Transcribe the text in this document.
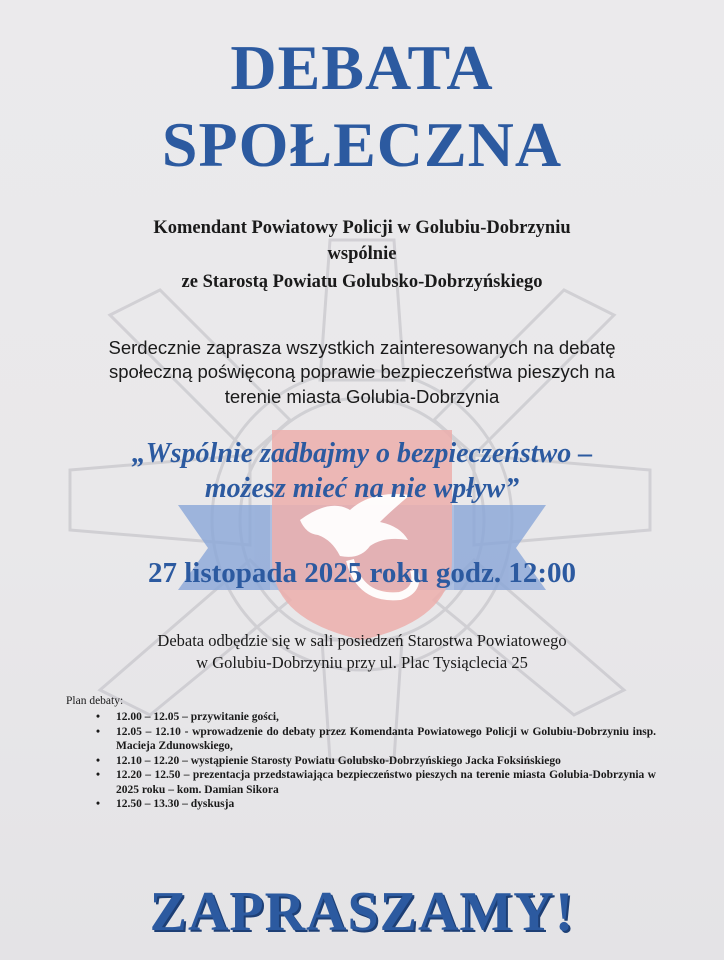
DEBATA
SPOŁECZNA
Komendant Powiatowy Policji w Golubiu-Dobrzyniu
wspólnie
ze Starostą Powiatu Golubsko-Dobrzyńskiego
Serdecznie zaprasza wszystkich zainteresowanych na debatę
społeczną poświęconą poprawie bezpieczeństwa pieszych na
terenie miasta Golubia-Dobrzynia
„Wspólnie zadbajmy o bezpieczeństwo –
możesz mieć na nie wpływ”
27 listopada 2025 roku godz. 12:00
Debata odbędzie się w sali posiedzeń Starostwa Powiatowego
w Golubiu-Dobrzyniu przy ul. Plac Tysiąclecia 25
Plan debaty:

• 12.00 – 12.05 – przywitanie gości,

• 12.05 – 12.10 - wprowadzenie do debaty przez Komendanta Powiatowego Policji w Golubiu-Dobrzyniu insp. Macieja Zdunowskiego,

• 12.10 – 12.20 – wystąpienie Starosty Powiatu Golubsko-Dobrzyńskiego Jacka Foksińskiego

• 12.20 – 12.50 – prezentacja przedstawiająca bezpieczeństwo pieszych na terenie miasta Golubia-Dobrzynia w 2025 roku – kom. Damian Sikora

• 12.50 – 13.30 – dyskusja

ZAPRASZAMY!
